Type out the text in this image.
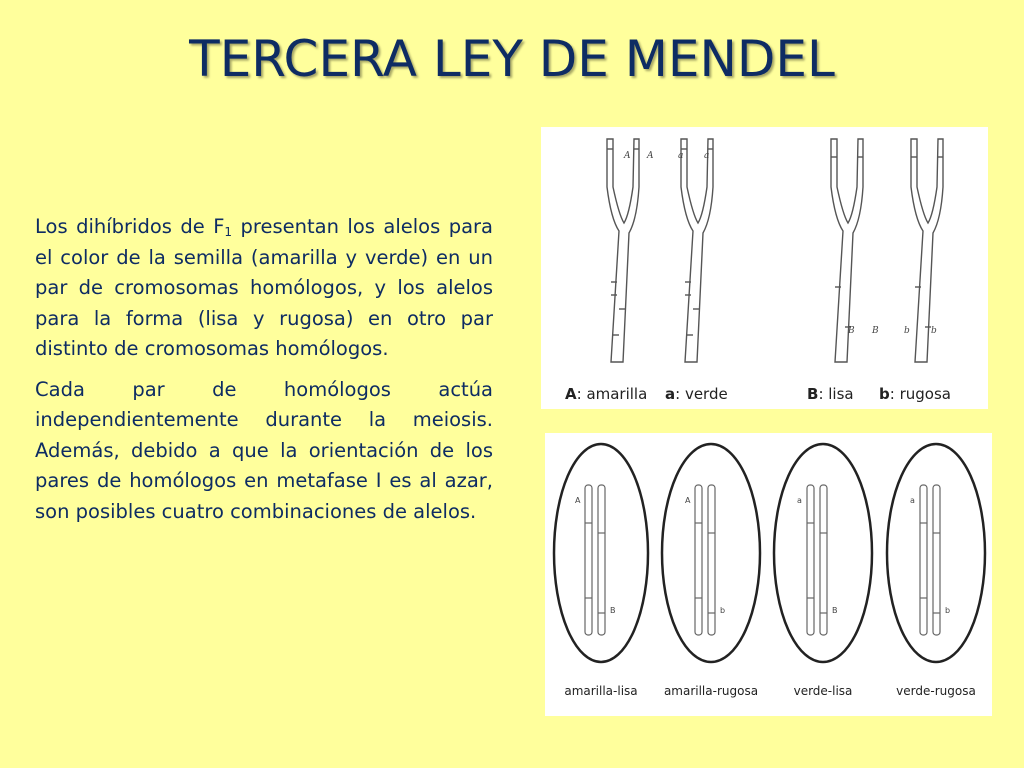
TERCERA LEY DE MENDEL

Los dihíbridos de $F_1$ presentan los alelos para el color de la semilla (amarilla y verde) en un par de cromosomas homólogos, y los alelos para la forma (lisa y rugosa) en otro par distinto de cromosomas homólogos.

Cada par de homólogos actúa independientemente durante la meiosis. Además, debido a que la orientación de los pares de homólogos en metafase I es al azar, son posibles cuatro combinaciones de alelos.

A A	a a
B B	b b
A: amarilla a: verde	B: lisa b: rugosa
A
B
A
b
a
B
a
b
amarilla-lisa amarilla-rugosa	verde-lisa	verde-rugosa
